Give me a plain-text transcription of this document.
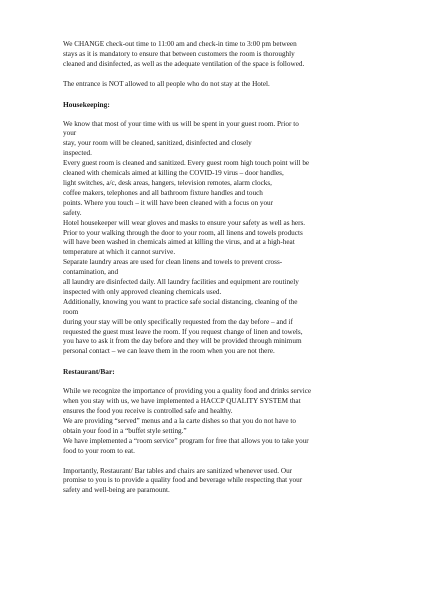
We CHANGE check-out time to 11:00 am and check-in time to 3:00 pm between
stays as it is mandatory to ensure that between customers the room is thoroughly
cleaned and disinfected, as well as the adequate ventilation of the space is followed.

The entrance is NOT allowed to all people who do not stay at the Hotel.

Housekeeping:

We know that most of your time with us will be spent in your guest room. Prior to
your
stay, your room will be cleaned, sanitized, disinfected and closely
inspected.
Every guest room is cleaned and sanitized. Every guest room high touch point will be
cleaned with chemicals aimed at killing the COVID-19 virus – door handles,
light switches, a/c, desk areas, hangers, television remotes, alarm clocks,
coffee makers, telephones and all bathroom fixture handles and touch
points. Where you touch – it will have been cleaned with a focus on your
safety.
Hotel housekeeper will wear gloves and masks to ensure your safety as well as hers.
Prior to your walking through the door to your room, all linens and towels products
will have been washed in chemicals aimed at killing the virus, and at a high-heat
temperature at which it cannot survive.
Separate laundry areas are used for clean linens and towels to prevent cross-
contamination, and
all laundry are disinfected daily. All laundry facilities and equipment are routinely
inspected with only approved cleaning chemicals used.
Additionally, knowing you want to practice safe social distancing, cleaning of the
room
during your stay will be only specifically requested from the day before – and if
requested the guest must leave the room. If you request change of linen and towels,
you have to ask it from the day before and they will be provided through minimum
personal contact – we can leave them in the room when you are not there.

Restaurant/Bar:

While we recognize the importance of providing you a quality food and drinks service
when you stay with us, we have implemented a HACCP QUALITY SYSTEM that
ensures the food you receive is controlled safe and healthy.
We are providing “served” menus and a la carte dishes so that you do not have to
obtain your food in a “buffet style setting.”
We have implemented a “room service” program for free that allows you to take your
food to your room to eat.

Importantly, Restaurant/ Bar tables and chairs are sanitized whenever used. Our
promise to you is to provide a quality food and beverage while respecting that your
safety and well-being are paramount.
